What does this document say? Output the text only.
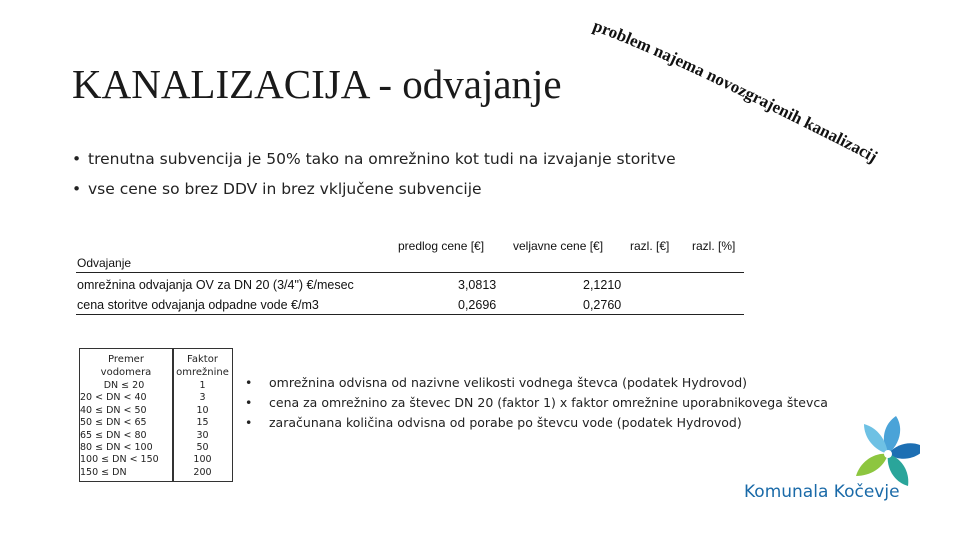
KANALIZACIJA - odvajanje
problem najema novozgrajenih kanalizacij
• trenutna subvencija je 50% tako na omrežnino kot tudi na izvajanje storitve
• vse cene so brez DDV in brez vključene subvencije
predlog cene [€] veljavne cene [€] razl. [€] razl. [%]
Odvajanje
omrežnina odvajanja OV za DN 20 (3/4") €/mesec	3,0813	2,1210
cena storitve odvajanja odpadne vode €/m3	0,2696	0,2760
Premer
vodomera
Faktor
omrežnine
DN ≤ 20	1
20 < DN < 40	3
40 ≤ DN < 50	10
50 ≤ DN < 65	15
65 ≤ DN < 80	30
80 ≤ DN < 100	50
100 ≤ DN < 150	100
150 ≤ DN	200
• omrežnina odvisna od nazivne velikosti vodnega števca (podatek Hydrovod)
• cena za omrežnino za števec DN 20 (faktor 1) x faktor omrežnine uporabnikovega števca
• zaračunana količina odvisna od porabe po števcu vode (podatek Hydrovod)
Komunala Kočevje
